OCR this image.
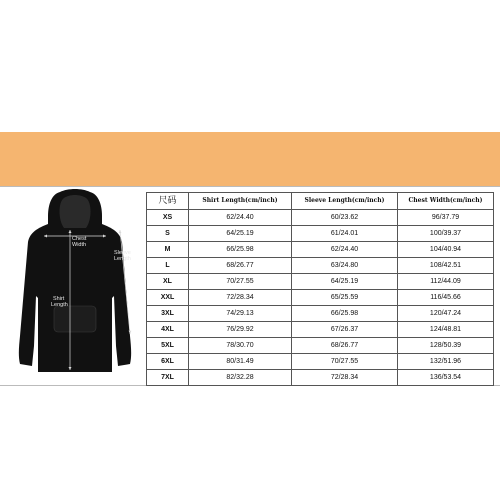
Chest
Width
Sleeve
Length
Shirt
Length
尺码	Shirt Length(cm/inch)	Sleeve Length(cm/inch)	Chest Width(cm/inch)
XS	62/24.40	60/23.62	96/37.79
S	64/25.19	61/24.01	100/39.37
M	66/25.98	62/24.40	104/40.94
L	68/26.77	63/24.80	108/42.51
XL	70/27.55	64/25.19	112/44.09
XXL	72/28.34	65/25.59	116/45.66
3XL	74/29.13	66/25.98	120/47.24
4XL	76/29.92	67/26.37	124/48.81
5XL	78/30.70	68/26.77	128/50.39
6XL	80/31.49	70/27.55	132/51.96
7XL	82/32.28	72/28.34	136/53.54
